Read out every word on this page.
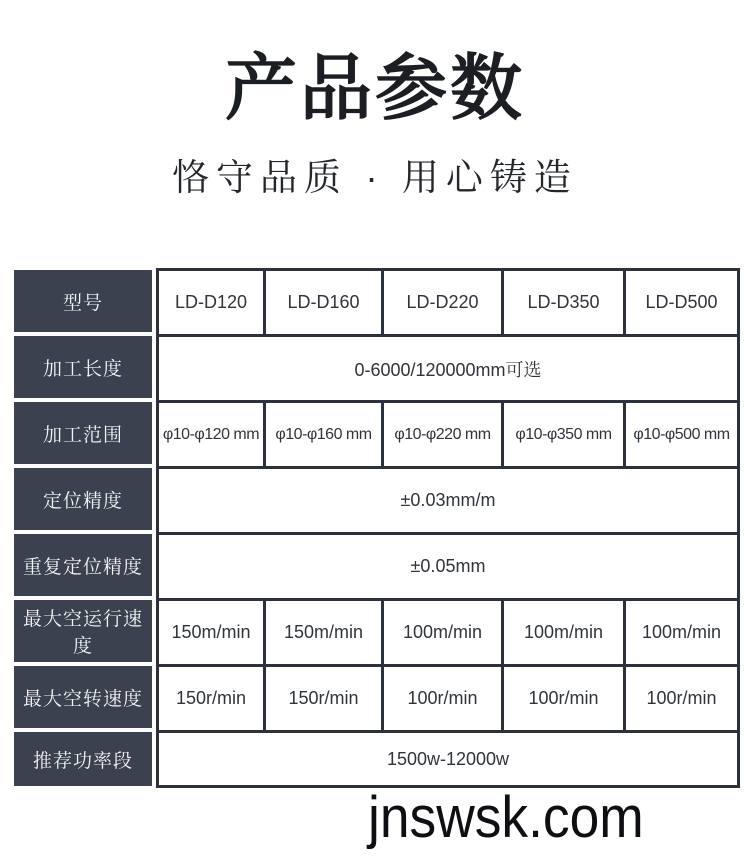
产品参数
恪守品质 · 用心铸造
型号	LD-D120	LD-D160	LD-D220	LD-D350	LD-D500
加工长度	0-6000/120000mm可选				
加工范围	φ10-φ120 mm	φ10-φ160 mm	φ10-φ220 mm	φ10-φ350 mm	φ10-φ500 mm
定位精度	±0.03mm/m				
重复定位精度	±0.05mm				
最大空运行速度	150m/min	150m/min	100m/min	100m/min	100m/min
最大空转速度	150r/min	150r/min	100r/min	100r/min	100r/min
推荐功率段	1500w-12000w				
jnswsk.com
